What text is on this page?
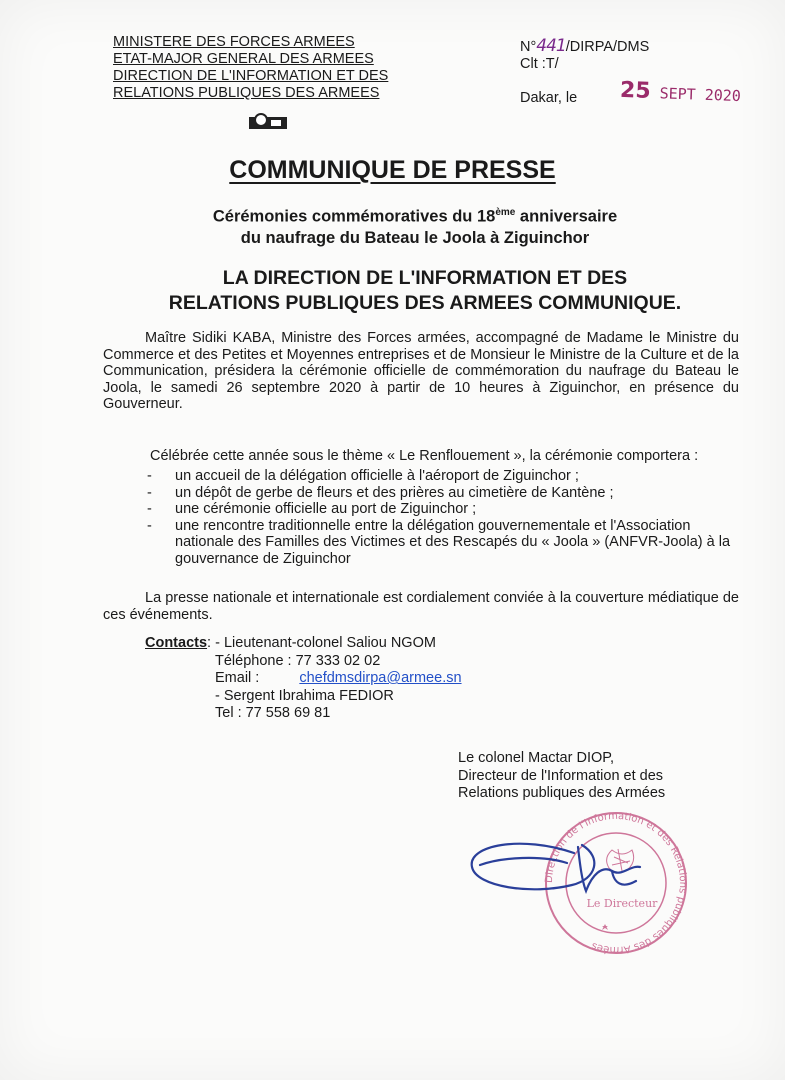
MINISTERE DES FORCES ARMEES
ETAT-MAJOR GENERAL DES ARMEES
DIRECTION DE L'INFORMATION ET DES
RELATIONS PUBLIQUES DES ARMEES
N°441/DIRPA/DMS
Clt :T/
Dakar, le 25 SEPT 2020
COMMUNIQUE DE PRESSE
Cérémonies commémoratives du 18ème anniversaire
du naufrage du Bateau le Joola à Ziguinchor
LA DIRECTION DE L'INFORMATION ET DES
RELATIONS PUBLIQUES DES ARMEES COMMUNIQUE.
Maître Sidiki KABA, Ministre des Forces armées, accompagné de Madame le Ministre du Commerce et des Petites et Moyennes entreprises et de Monsieur le Ministre de la Culture et de la Communication, présidera la cérémonie officielle de commémoration du naufrage du Bateau le Joola, le samedi 26 septembre 2020 à partir de 10 heures à Ziguinchor, en présence du Gouverneur.
Célébrée cette année sous le thème « Le Renflouement », la cérémonie comportera :
-	un accueil de la délégation officielle à l'aéroport de Ziguinchor ;
-	un dépôt de gerbe de fleurs et des prières au cimetière de Kantène ;
-	une cérémonie officielle au port de Ziguinchor ;
-	une rencontre traditionnelle entre la délégation gouvernementale et l'Association nationale des Familles des Victimes et des Rescapés du « Joola » (ANFVR-Joola) à la gouvernance de Ziguinchor
La presse nationale et internationale est cordialement conviée à la couverture médiatique de ces événements.
Contacts: - Lieutenant-colonel Saliou NGOM
Téléphone : 77 333 02 02
Email :	chefdmsdirpa@armee.sn
- Sergent Ibrahima FEDIOR
Tel : 77 558 69 81
Le colonel Mactar DIOP,
Directeur de l'Information et des
Relations publiques des Armées
Direction de l'Information et des Relations publiques des Armées
Le Directeur
